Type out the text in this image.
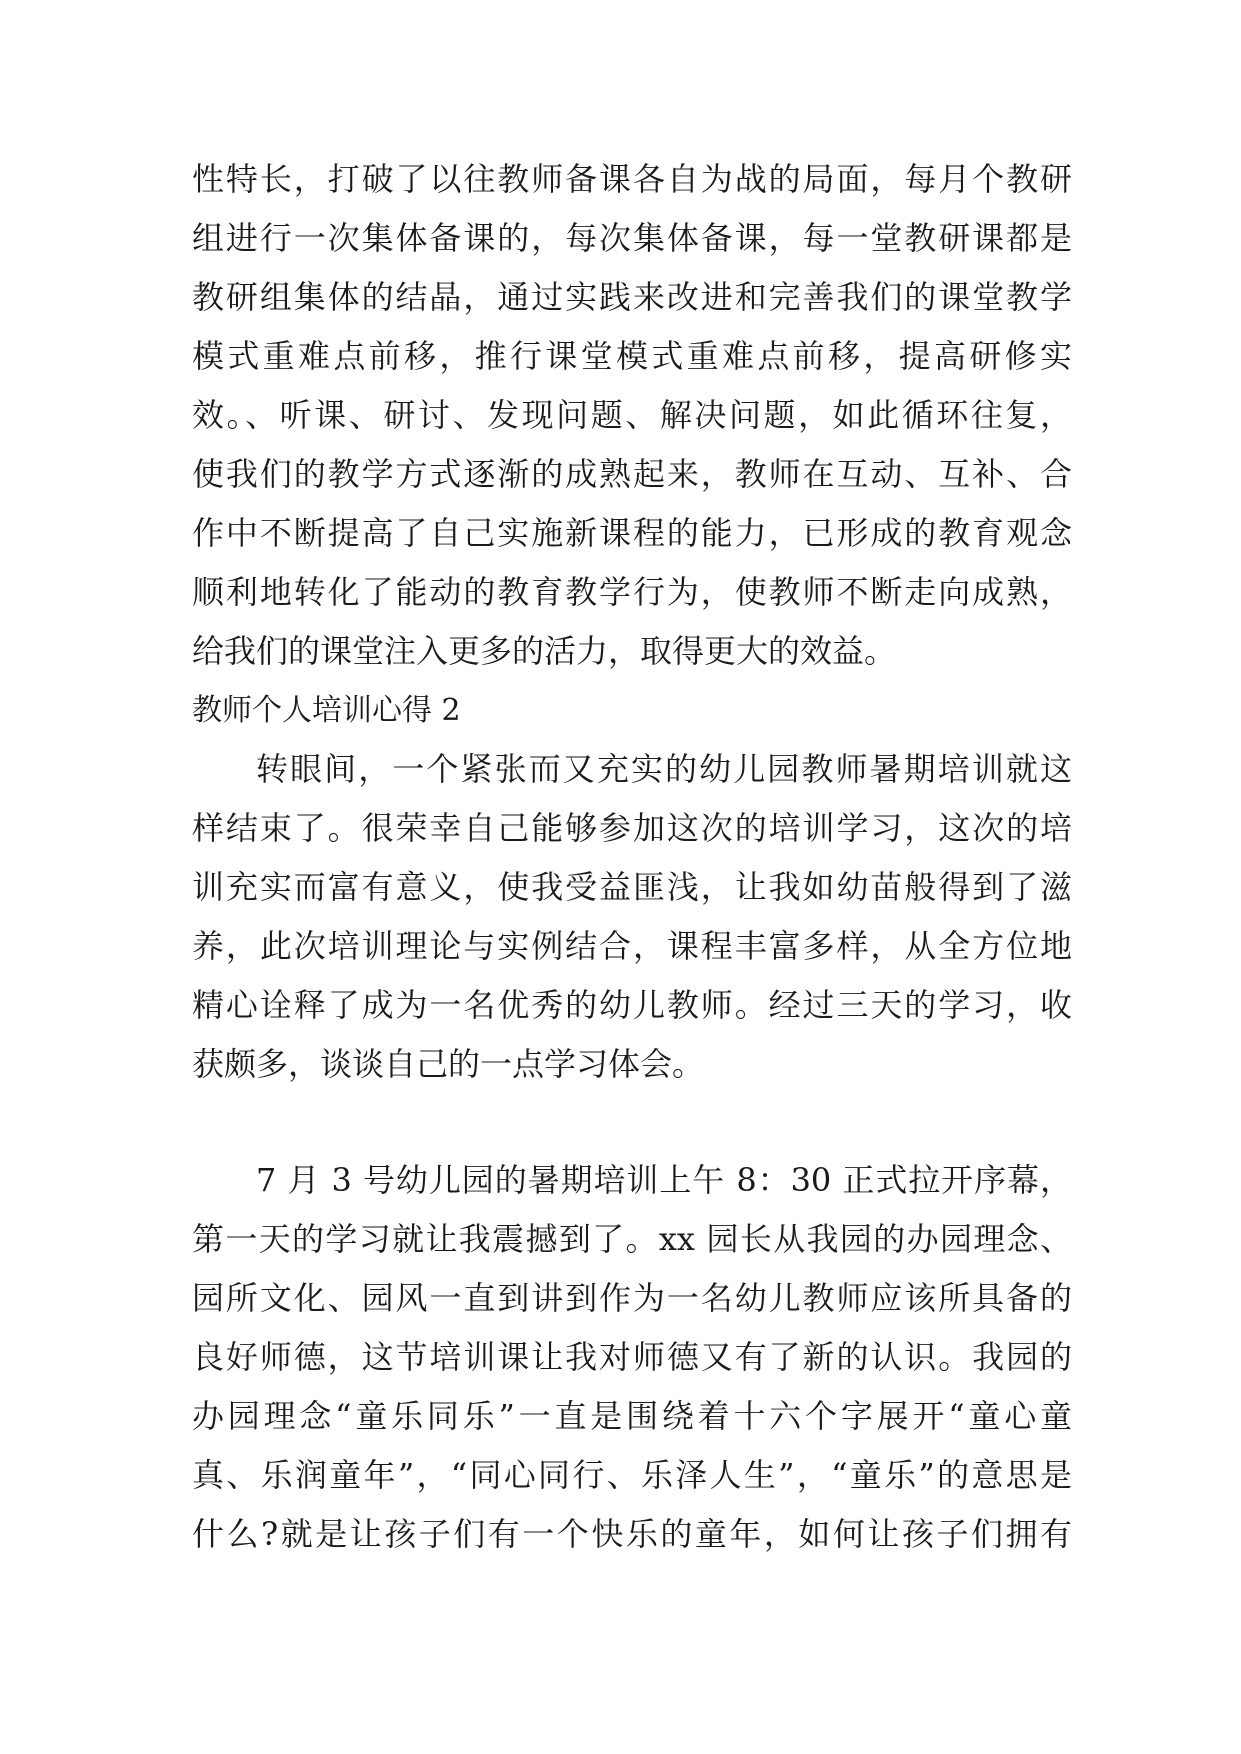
性特长，打破了以往教师备课各自为战的局面，每月个教研
组进行一次集体备课的，每次集体备课，每一堂教研课都是
教研组集体的结晶，通过实践来改进和完善我们的课堂教学
模式重难点前移，推行课堂模式重难点前移，提高研修实
效。、听课、研讨、发现问题、解决问题，如此循环往复，
使我们的教学方式逐渐的成熟起来，教师在互动、互补、合
作中不断提高了自己实施新课程的能力，已形成的教育观念
顺利地转化了能动的教育教学行为，使教师不断走向成熟，
给我们的课堂注入更多的活力，取得更大的效益。
教师个人培训心得 2
转眼间，一个紧张而又充实的幼儿园教师暑期培训就这
样结束了。很荣幸自己能够参加这次的培训学习，这次的培
训充实而富有意义，使我受益匪浅，让我如幼苗般得到了滋
养，此次培训理论与实例结合，课程丰富多样，从全方位地
精心诠释了成为一名优秀的幼儿教师。经过三天的学习，收
获颇多，谈谈自己的一点学习体会。
7 月 3 号幼儿园的暑期培训上午 8：30 正式拉开序幕，
第一天的学习就让我震撼到了。xx 园长从我园的办园理念、
园所文化、园风一直到讲到作为一名幼儿教师应该所具备的
良好师德，这节培训课让我对师德又有了新的认识。我园的
办园理念“童乐同乐”一直是围绕着十六个字展开“童心童
真、乐润童年”，“同心同行、乐泽人生”，“童乐”的意思是
什么?就是让孩子们有一个快乐的童年，如何让孩子们拥有
